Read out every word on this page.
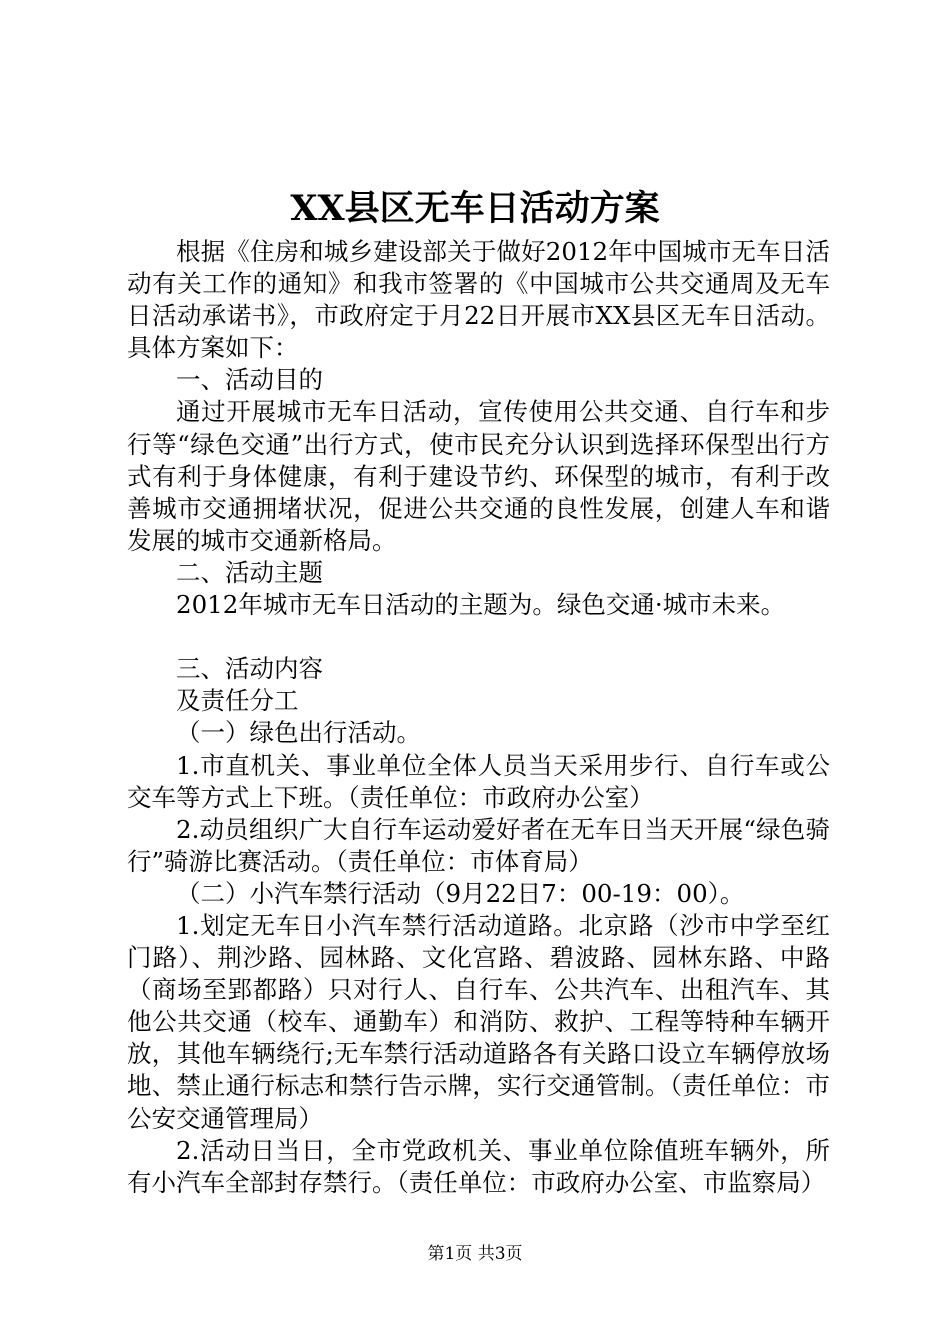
XX县区无车日活动方案

根据《住房和城乡建设部关于做好2012年中国城市无车日活动有关工作的通知》和我市签署的《中国城市公共交通周及无车日活动承诺书》，市政府定于月22日开展市XX县区无车日活动。具体方案如下：

一、活动目的

通过开展城市无车日活动，宣传使用公共交通、自行车和步行等“绿色交通”出行方式，使市民充分认识到选择环保型出行方式有利于身体健康，有利于建设节约、环保型的城市，有利于改善城市交通拥堵状况，促进公共交通的良性发展，创建人车和谐发展的城市交通新格局。

二、活动主题

2012年城市无车日活动的主题为。绿色交通·城市未来。

三、活动内容

及责任分工

（一）绿色出行活动。

1.市直机关、事业单位全体人员当天采用步行、自行车或公交车等方式上下班。（责任单位：市政府办公室）

2.动员组织广大自行车运动爱好者在无车日当天开展“绿色骑行”骑游比赛活动。（责任单位：市体育局）

（二）小汽车禁行活动（9月22日7：00-19：00）。

1.划定无车日小汽车禁行活动道路。北京路（沙市中学至红门路）、荆沙路、园林路、文化宫路、碧波路、园林东路、中路（商场至郢都路）只对行人、自行车、公共汽车、出租汽车、其他公共交通（校车、通勤车）和消防、救护、工程等特种车辆开放，其他车辆绕行;无车禁行活动道路各有关路口设立车辆停放场地、禁止通行标志和禁行告示牌，实行交通管制。（责任单位：市公安交通管理局）

2.活动日当日，全市党政机关、事业单位除值班车辆外，所有小汽车全部封存禁行。（责任单位：市政府办公室、市监察局）

第1页 共3页
